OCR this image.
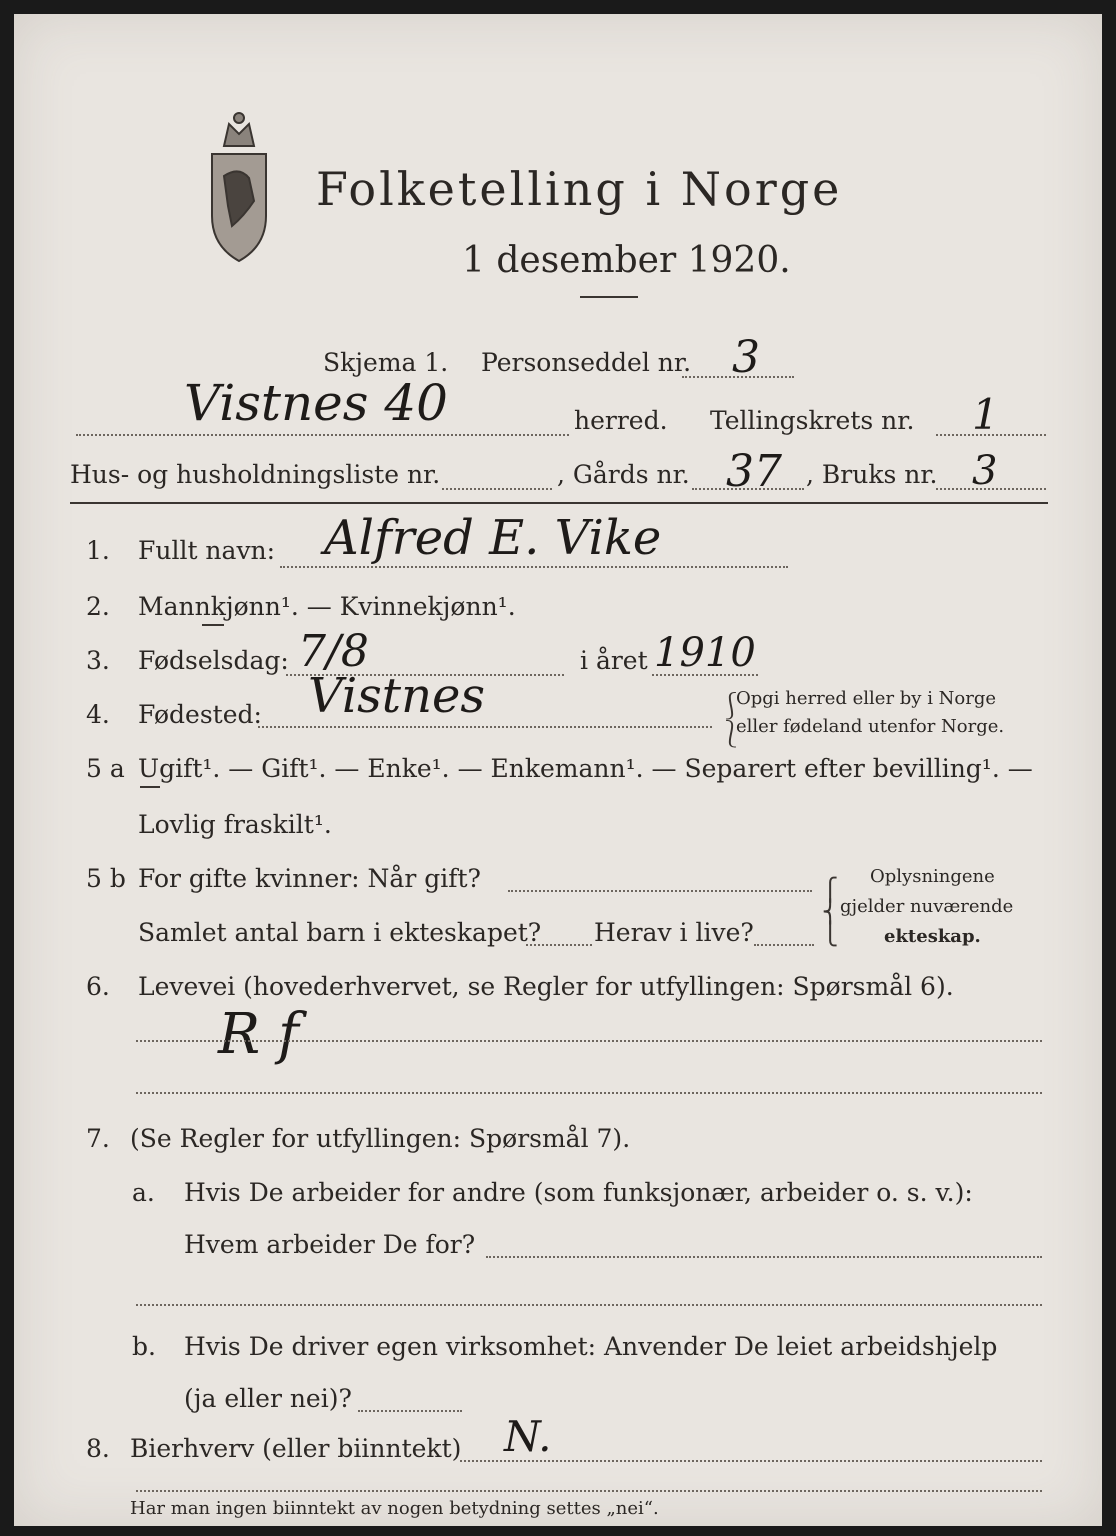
Folketelling i Norge
1 desember 1920.
Skjema 1. Personseddel nr. 3
Vistnes 40	herred. Tellingskrets nr. 1
Hus- og husholdningsliste nr.	, Gårds nr. 37 , Bruks nr. 3
1. Fullt navn: Alfred E. Vike
2. Mannkjønn¹. — Kvinnekjønn¹.
3. Fødselsdag: 7/8	i året 1910
4. Fødested: Vistnes	⎰
⎱
Opgi herred eller by i Norge
eller fødeland utenfor Norge.
5 a Ugift¹. — Gift¹. — Enke¹. — Enkemann¹. — Separert efter bevilling¹. —
Lovlig fraskilt¹.
5 b For gifte kvinner: Når gift?
Samlet antal barn i ekteskapet? Herav i live?
⎧
⎨
⎩
Oplysningene
gjelder nuværende
ekteskap.
6. Levevei (hovederhvervet, se Regler for utfyllingen: Spørsmål 6).
R f
7. (Se Regler for utfyllingen: Spørsmål 7).
a. Hvis De arbeider for andre (som funksjonær, arbeider o. s. v.):
Hvem arbeider De for?
b. Hvis De driver egen virksomhet: Anvender De leiet arbeidshjelp
(ja eller nei)?
8. Bierhverv (eller biinntekt) N.
Har man ingen biinntekt av nogen betydning settes „nei“.
